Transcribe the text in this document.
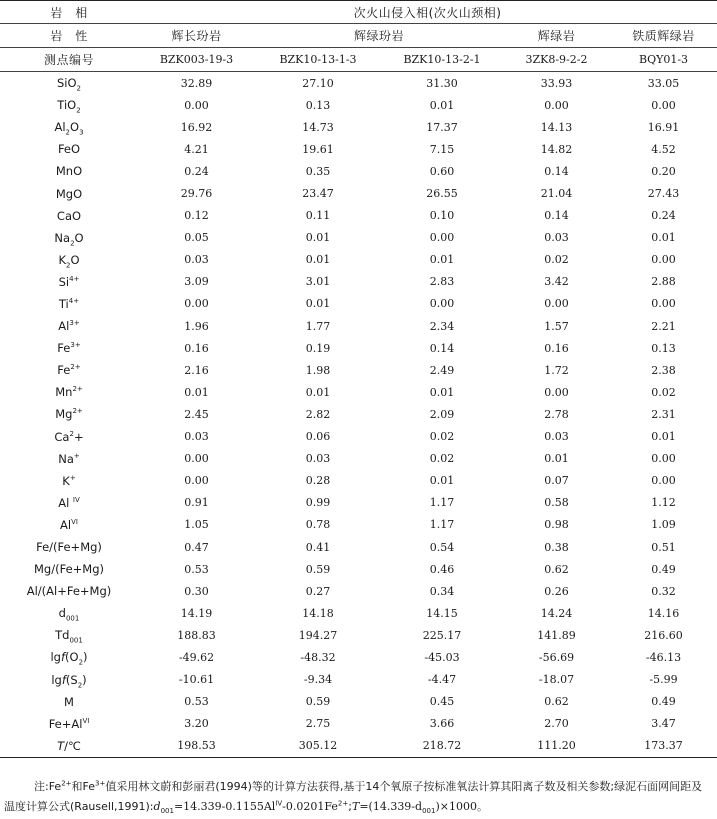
岩　相	次火山侵入相(次火山颈相)				
岩　性	辉长玢岩	辉绿玢岩		辉绿岩	铁质辉绿岩
测点编号	BZK003-19-3	BZK10-13-1-3	BZK10-13-2-1	3ZK8-9-2-2	BQY01-3
SiO$_2$	32.89	27.10	31.30	33.93	33.05
TiO$_2$	0.00	0.13	0.01	0.00	0.00
$Al_2O_3$	16.92	14.73	17.37	14.13	16.91
FeO	4.21	19.61	7.15	14.82	4.52
MnO	0.24	0.35	0.60	0.14	0.20
MgO	29.76	23.47	26.55	21.04	27.43
CaO	0.12	0.11	0.10	0.14	0.24
$Na_2O$	0.05	0.01	0.00	0.03	0.01
$K_2O$	0.03	0.01	0.01	0.02	0.00
$Si^{4+}$	3.09	3.01	2.83	3.42	2.88
$Ti^{4+}$	0.00	0.01	0.00	0.00	0.00
$Al^{3+}$	1.96	1.77	2.34	1.57	2.21
$Fe^{3+}$	0.16	0.19	0.14	0.16	0.13
$Fe^{2+}$	2.16	1.98	2.49	1.72	2.38
$Mn^{2+}$	0.01	0.01	0.01	0.00	0.02
$Mg^{2+}$	2.45	2.82	2.09	2.78	2.31
$Ca^2+$	0.03	0.06	0.02	0.03	0.01
Na+	0.00	0.03	0.02	0.01	0.00
K+	0.00	0.28	0.01	0.07	0.00
Al $^{IV}$	0.91	0.99	1.17	0.58	1.12
$Al^{VI}$	1.05	0.78	1.17	0.98	1.09
Fe/(Fe+Mg)	0.47	0.41	0.54	0.38	0.51
Mg/(Fe+Mg)	0.53	0.59	0.46	0.62	0.49
Al/(Al+Fe+Mg)	0.30	0.27	0.34	0.26	0.32
$d_{001}$	14.19	14.18	14.15	14.24	14.16
$Td_{001}$	188.83	194.27	225.17	141.89	216.60
$\lg f(O_2)$	-49.62	-48.32	-45.03	-56.69	-46.13
$\lg f(S_2)$	-10.61	-9.34	-4.47	-18.07	-5.99
M	0.53	0.59	0.45	0.62	0.49
$Fe+Al^{VI}$	3.20	2.75	3.66	2.70	3.47
T/℃	198.53	305.12	218.72	111.20	173.37
注$:Fe^{2+}$和$Fe^{3+}$值采用林文蔚和彭丽君(1994)等的计算方法获得,基于14个氧原子按标准氧法计算其阳离子数及相关参数;绿泥石面网间距及温度计算公式$(Rausell,1991):d_{001}=14.339-0.1155Al^{IV}-0.0201Fe^{2+};T=(14.339-d_{001})\times 1000$。
